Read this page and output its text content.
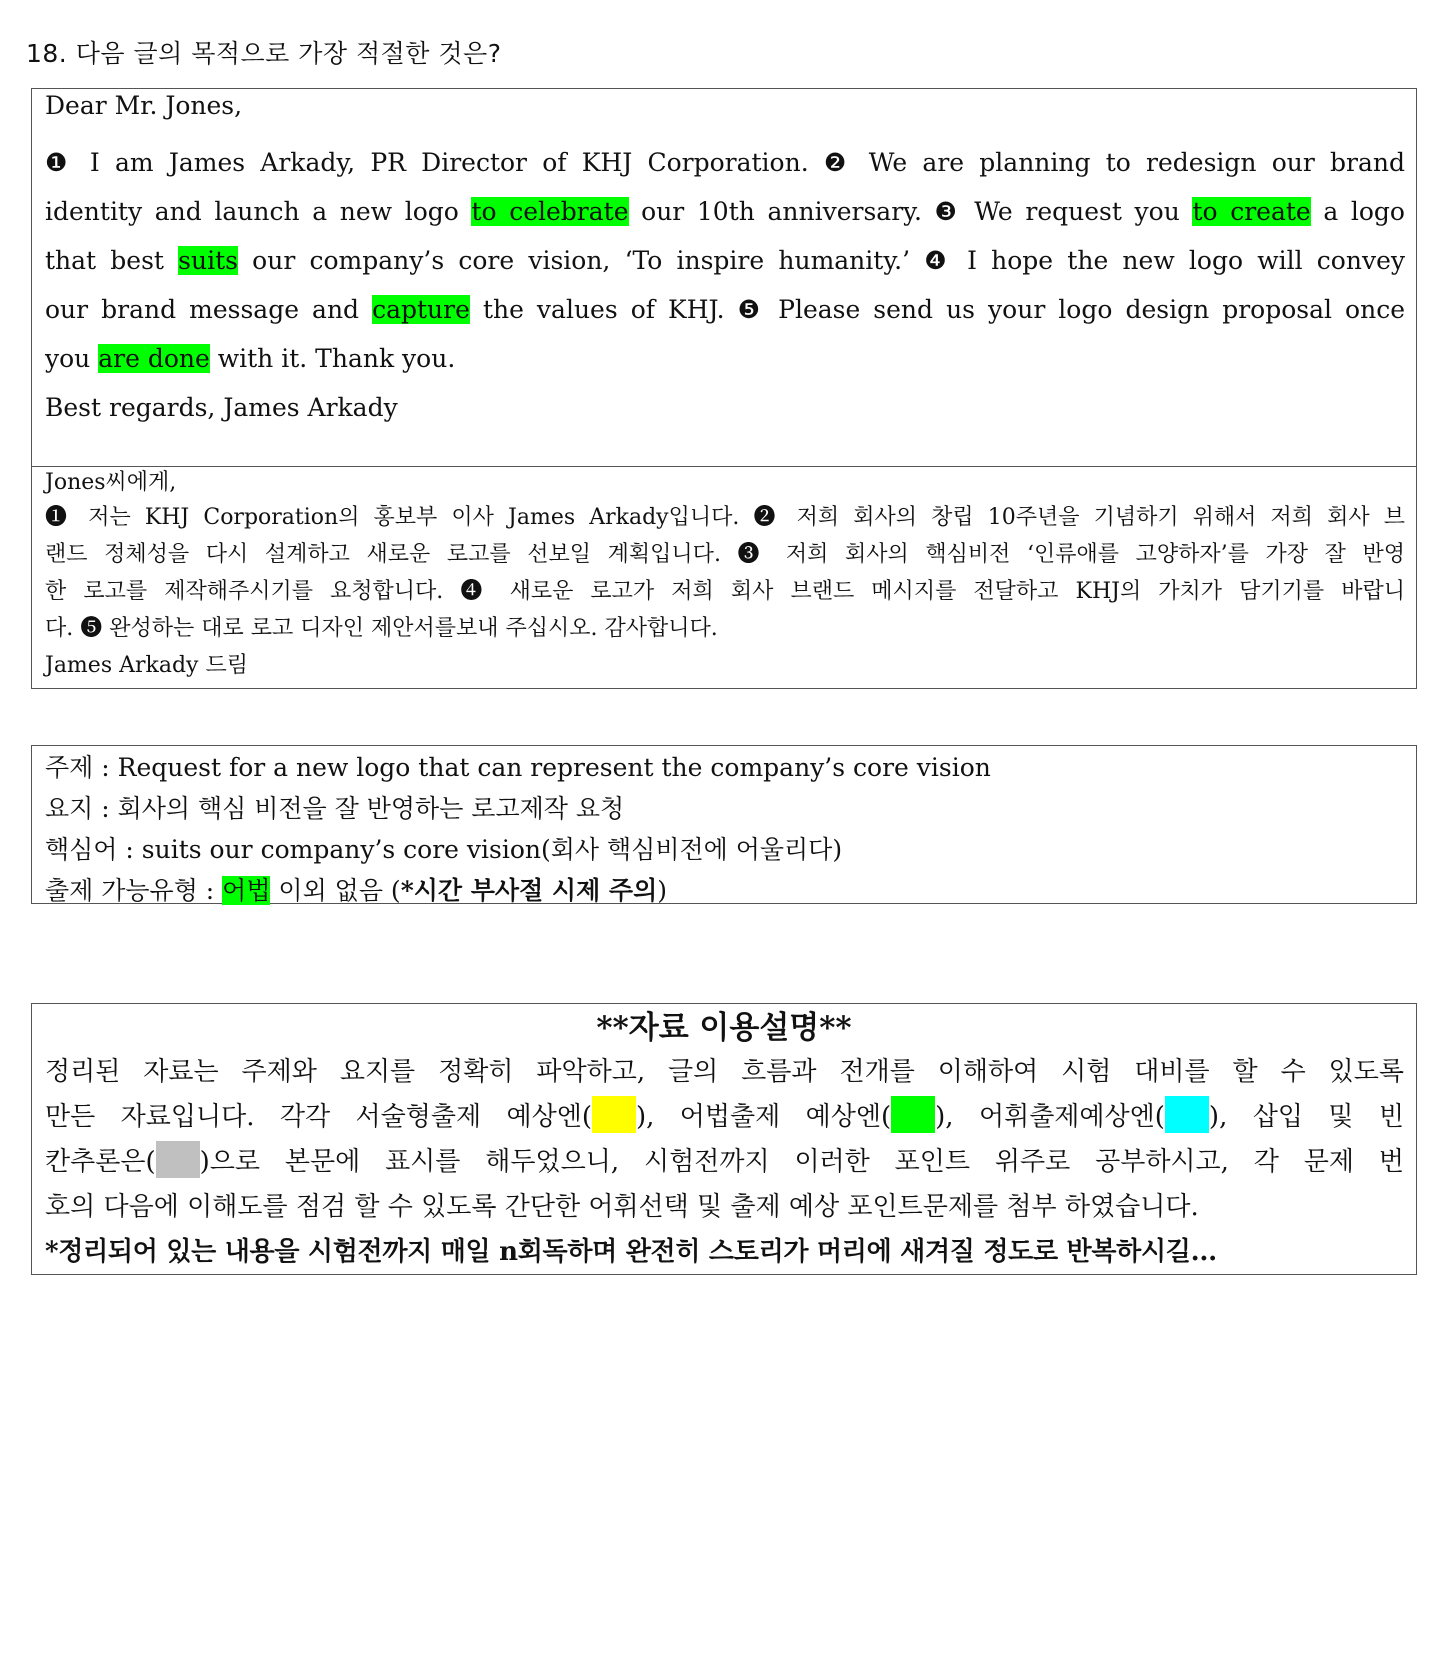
18. 다음 글의 목적으로 가장 적절한 것은?
Dear Mr. Jones,
❶ I am James Arkady, PR Director of KHJ Corporation. ❷ We are planning to redesign our brand
identity and launch a new logo to celebrate our 10th anniversary. ❸ We request you to create a logo
that best suits our company’s core vision, ‘To inspire humanity.’ ❹ I hope the new logo will convey
our brand message and capture the values of KHJ. ❺ Please send us your logo design proposal once
you are done with it. Thank you.
Best regards, James Arkady
Jones씨에게,
❶ 저는 KHJ Corporation의 홍보부 이사 James Arkady입니다. ❷ 저희 회사의 창립 10주년을 기념하기 위해서 저희 회사 브
랜드 정체성을 다시 설계하고 새로운 로고를 선보일 계획입니다. ❸ 저희 회사의 핵심비전 ‘인류애를 고양하자’를 가장 잘 반영
한 로고를 제작해주시기를 요청합니다. ❹ 새로운 로고가 저희 회사 브랜드 메시지를 전달하고 KHJ의 가치가 담기기를 바랍니
다. ❺ 완성하는 대로 로고 디자인 제안서를보내 주십시오. 감사합니다.
James Arkady 드림
주제 : Request for a new logo that can represent the company’s core vision
요지 : 회사의 핵심 비전을 잘 반영하는 로고제작 요청
핵심어 : suits our company’s core vision(회사 핵심비전에 어울리다)
출제 가능유형 : 어법 이외 없음 (*시간 부사절 시제 주의)
**자료 이용설명**
정리된 자료는 주제와 요지를 정확히 파악하고, 글의 흐름과 전개를 이해하여 시험 대비를 할 수 있도록
만든 자료입니다. 각각 서술형출제 예상엔( ), 어법출제 예상엔( ), 어휘출제예상엔( ), 삽입 및 빈
칸추론은( )으로 본문에 표시를 해두었으니, 시험전까지 이러한 포인트 위주로 공부하시고, 각 문제 번
호의 다음에 이해도를 점검 할 수 있도록 간단한 어휘선택 및 출제 예상 포인트문제를 첨부 하였습니다.
*정리되어 있는 내용을 시험전까지 매일 n회독하며 완전히 스토리가 머리에 새겨질 정도로 반복하시길...
